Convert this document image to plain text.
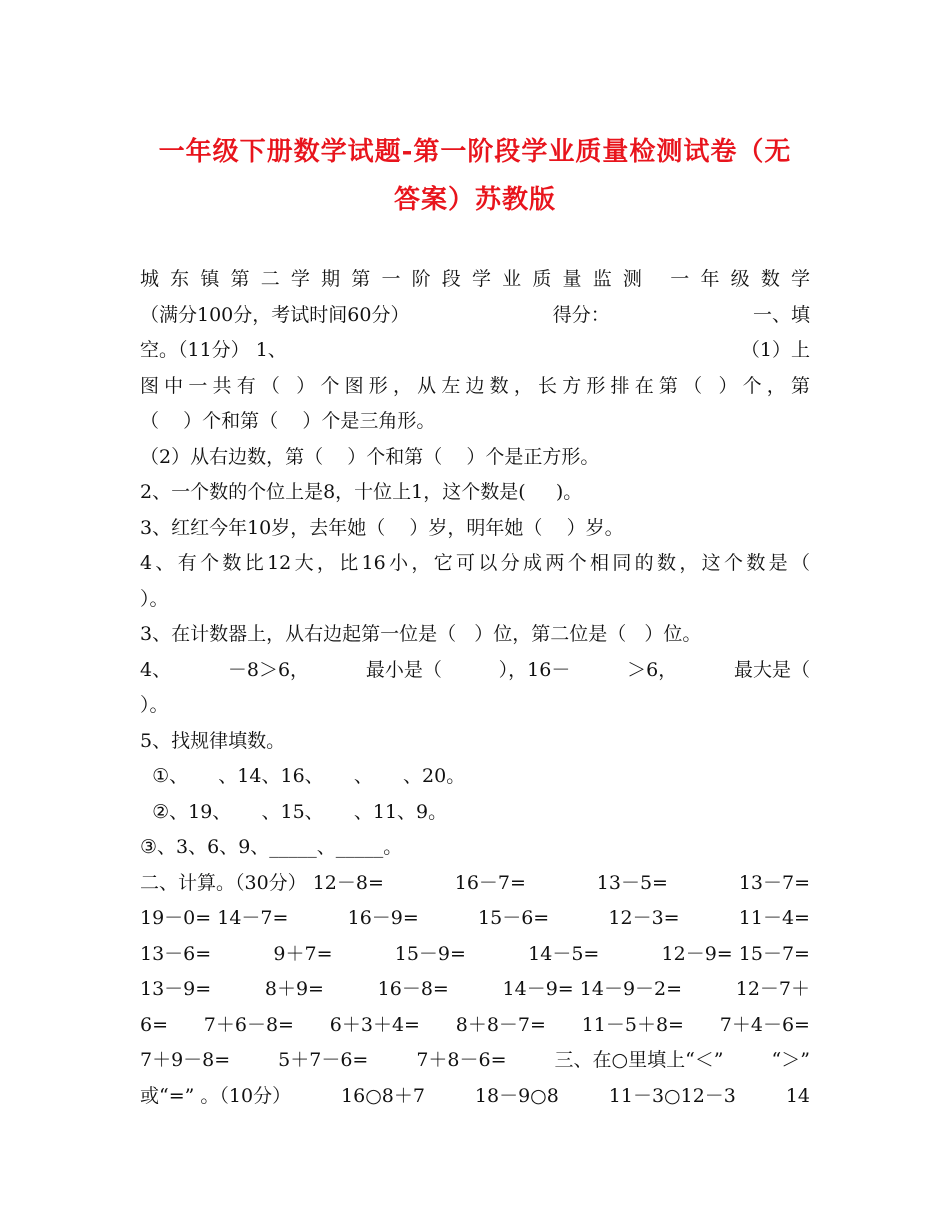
一年级下册数学试题-第一阶段学业质量检测试卷（无
答案）苏教版
城东镇第二学期第一阶段学业质量监测 一年级数学
（满分100分，考试时间60分）	得分：	一、填
空。（11分） 1、	（1）上
图中一共有（ ）个图形，从左边数，长方形排在第（ ）个，第
（    ）个和第（    ）个是三角形。
（2）从右边数，第（    ）个和第（    ）个是正方形。
2、一个数的个位上是8，十位上1，这个数是(     )。
3、红红今年10岁，去年她（    ）岁，明年她（    ）岁。
4、有个数比12大，比16小，它可以分成两个相同的数，这个数是（
）。
3、在计数器上，从右边起第一位是（   ）位，第二位是（   ）位。
4、	－8＞6，	最小是（	），16－	＞6，	最大是（
）。
5、找规律填数。
①、     、14、16、     、     、20。
②、19、     、15、     、11、9。
③、3、6、9、_____、_____。
二、计算。（30分） 12－8=	16－7=	13－5=	13－7=
19－0= 14－7=	16－9=	15－6=	12－3=	11－4=
13－6=	9＋7=	15－9=	14－5=	12－9= 15－7=
13－9=	8＋9=	16－8=	14－9= 14－9－2=	12－7＋
6= 7＋6－8= 6＋3＋4= 8＋8－7= 11－5＋8= 7＋4－6=
7＋9－8=	5＋7－6=	7＋8－6=	三、在○里填上“＜”	“＞”
或“=” 。（10分）	16○8＋7	18－9○8	11－3○12－3	14
